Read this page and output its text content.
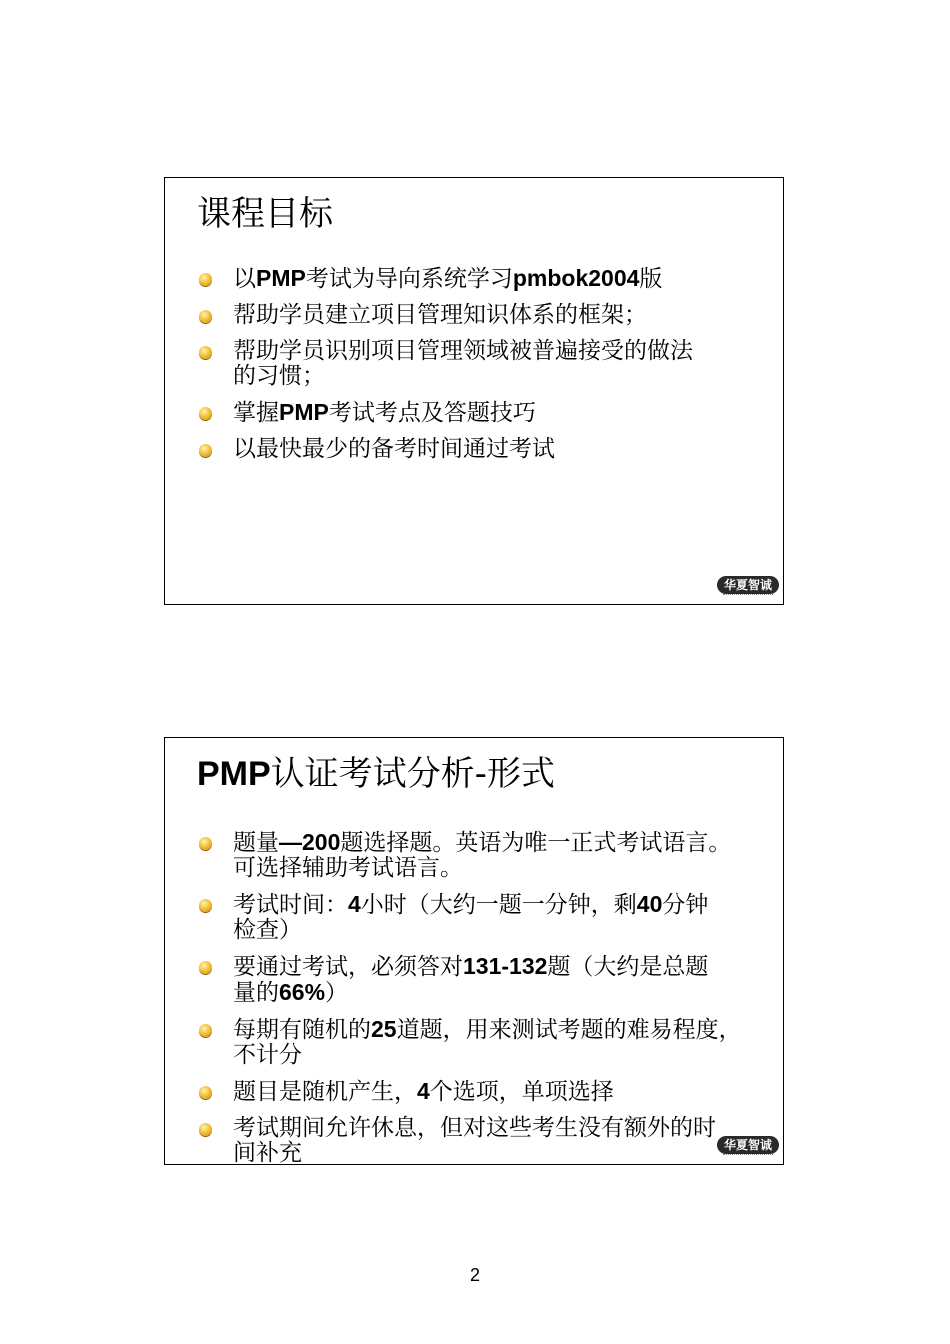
课程目标
以PMP考试为导向系统学习pmbok2004版
帮助学员建立项目管理知识体系的框架；
帮助学员识别项目管理领域被普遍接受的做法
的习惯；
掌握PMP考试考点及答题技巧
以最快最少的备考时间通过考试
华夏智诚
PMP认证考试分析-形式
题量—200题选择题。英语为唯一正式考试语言。
可选择辅助考试语言。
考试时间：4小时（大约一题一分钟，剩40分钟
检查）
要通过考试，必须答对131-132题（大约是总题
量的66%）
每期有随机的25道题，用来测试考题的难易程度，
不计分
题目是随机产生，4个选项，单项选择
考试期间允许休息，但对这些考生没有额外的时
间补充	华夏智诚
2
